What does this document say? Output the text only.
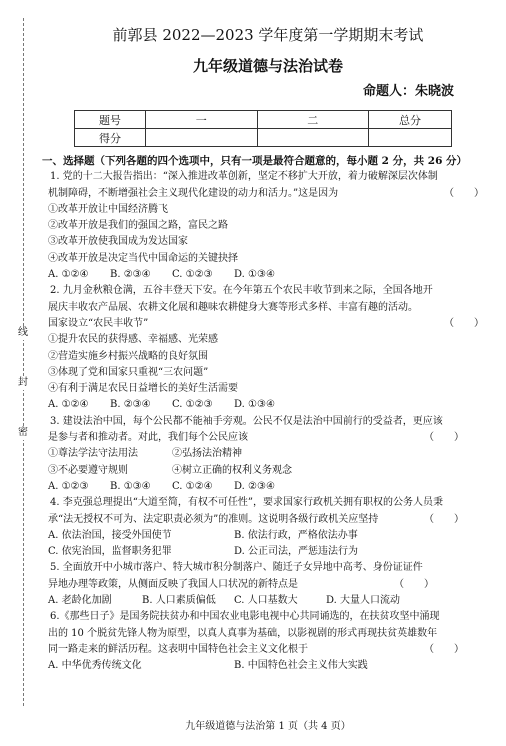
线
封
密
前郭县 2022—2023 学年度第一学期期末考试
九年级道德与法治试卷
命题人：朱晓波
题号	一	二	总分
得分			
一、选择题（下列各题的四个选项中，只有一项是最符合题意的，每小题 2 分，共 26 分）
1. 党的十二大报告指出：“深入推进改革创新，坚定不移扩大开放，着力破解深层次体制
机制障碍，不断增强社会主义现代化建设的动力和活力。”这是因为	（　　）
①改革开放让中国经济腾飞
②改革开放是我们的强国之路，富民之路
③改革开放使我国成为发达国家
④改革开放是决定当代中国命运的关键抉择
A. ①②④ B. ②③④ C. ①②③ D. ①③④
2. 九月金秋粮仓满，五谷丰登天下安。在今年第五个农民丰收节到来之际，全国各地开
展庆丰收农产品展、农耕文化展和趣味农耕健身大赛等形式多样、丰富有趣的活动。
国家设立“农民丰收节”	（　　）
①提升农民的获得感、幸福感、光荣感
②营造实施乡村振兴战略的良好氛围
③体现了党和国家只重视“三农问题”
④有利于满足农民日益增长的美好生活需要
A. ①②④ B. ②③④ C. ①②③ D. ①③④
3. 建设法治中国，每个公民都不能袖手旁观。公民不仅是法治中国前行的受益者，更应该
是参与者和推动者。对此，我们每个公民应该	（　　）
①尊法学法守法用法	②弘扬法治精神
③不必要遵守规则	④树立正确的权利义务观念
A. ①②③ B. ①③④ C. ①②④ D. ②③④
4. 李克强总理提出“大道至简，有权不可任性”，要求国家行政机关拥有职权的公务人员秉
承“法无授权不可为、法定职责必须为”的准则。这说明各级行政机关应坚持	（　　）
A. 依法治国，接受外国使节	B. 依法行政，严格依法办事
C. 依宪治国，监督职务犯罪	D. 公正司法，严惩违法行为
5. 全面放开中小城市落户、特大城市积分制落户、随迁子女异地中高考、身份证证件
异地办理等政策，从侧面反映了我国人口状况的新特点是	（　　）
A. 老龄化加剧	B. 人口素质偏低 C. 人口基数大	D. 大量人口流动
6.《那些日子》是国务院扶贫办和中国农业电影电视中心共同诵选的，在扶贫攻坚中涌现
出的 10 个脱贫先锋人物为原型，以真人真事为基础，以影视剧的形式再现扶贫英雄数年
同一路走来的鲜活历程。这表明中国特色社会主义文化根于	（　　）
A. 中华优秀传统文化	B. 中国特色社会主义伟大实践
九年级道德与法治第 1 页（共 4 页）
